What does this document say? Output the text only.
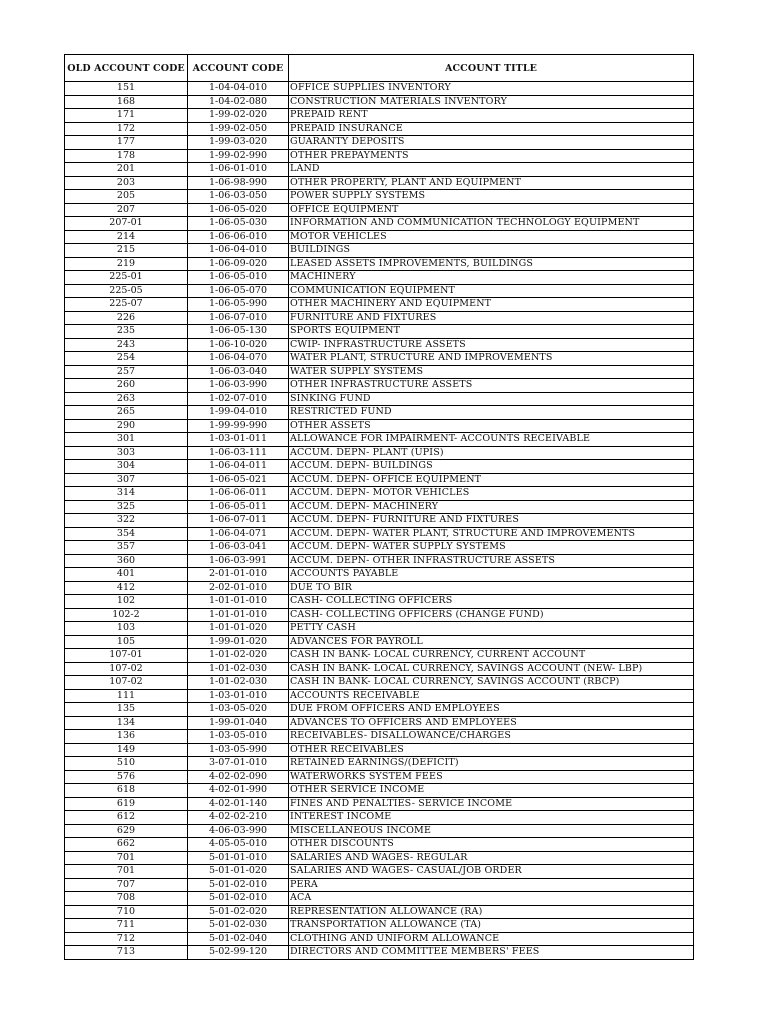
OLD ACCOUNT CODE	ACCOUNT CODE	ACCOUNT TITLE
151	1-04-04-010	OFFICE SUPPLIES INVENTORY
168	1-04-02-080	CONSTRUCTION MATERIALS INVENTORY
171	1-99-02-020	PREPAID RENT
172	1-99-02-050	PREPAID INSURANCE
177	1-99-03-020	GUARANTY DEPOSITS
178	1-99-02-990	OTHER PREPAYMENTS
201	1-06-01-010	LAND
203	1-06-98-990	OTHER PROPERTY, PLANT AND EQUIPMENT
205	1-06-03-050	POWER SUPPLY SYSTEMS
207	1-06-05-020	OFFICE EQUIPMENT
207-01	1-06-05-030	INFORMATION AND COMMUNICATION TECHNOLOGY EQUIPMENT
214	1-06-06-010	MOTOR VEHICLES
215	1-06-04-010	BUILDINGS
219	1-06-09-020	LEASED ASSETS IMPROVEMENTS, BUILDINGS
225-01	1-06-05-010	MACHINERY
225-05	1-06-05-070	COMMUNICATION EQUIPMENT
225-07	1-06-05-990	OTHER MACHINERY AND EQUIPMENT
226	1-06-07-010	FURNITURE AND FIXTURES
235	1-06-05-130	SPORTS EQUIPMENT
243	1-06-10-020	CWIP- INFRASTRUCTURE ASSETS
254	1-06-04-070	WATER PLANT, STRUCTURE AND IMPROVEMENTS
257	1-06-03-040	WATER SUPPLY SYSTEMS
260	1-06-03-990	OTHER INFRASTRUCTURE ASSETS
263	1-02-07-010	SINKING FUND
265	1-99-04-010	RESTRICTED FUND
290	1-99-99-990	OTHER ASSETS
301	1-03-01-011	ALLOWANCE FOR IMPAIRMENT- ACCOUNTS RECEIVABLE
303	1-06-03-111	ACCUM. DEPN- PLANT (UPIS)
304	1-06-04-011	ACCUM. DEPN- BUILDINGS
307	1-06-05-021	ACCUM. DEPN- OFFICE EQUIPMENT
314	1-06-06-011	ACCUM. DEPN- MOTOR VEHICLES
325	1-06-05-011	ACCUM. DEPN- MACHINERY
322	1-06-07-011	ACCUM. DEPN- FURNITURE AND FIXTURES
354	1-06-04-071	ACCUM. DEPN- WATER PLANT, STRUCTURE AND IMPROVEMENTS
357	1-06-03-041	ACCUM. DEPN- WATER SUPPLY SYSTEMS
360	1-06-03-991	ACCUM. DEPN- OTHER INFRASTRUCTURE ASSETS
401	2-01-01-010	ACCOUNTS PAYABLE
412	2-02-01-010	DUE TO BIR
102	1-01-01-010	CASH- COLLECTING OFFICERS
102-2	1-01-01-010	CASH- COLLECTING OFFICERS (CHANGE FUND)
103	1-01-01-020	PETTY CASH
105	1-99-01-020	ADVANCES FOR PAYROLL
107-01	1-01-02-020	CASH IN BANK- LOCAL CURRENCY, CURRENT ACCOUNT
107-02	1-01-02-030	CASH IN BANK- LOCAL CURRENCY, SAVINGS ACCOUNT (NEW- LBP)
107-02	1-01-02-030	CASH IN BANK- LOCAL CURRENCY, SAVINGS ACCOUNT (RBCP)
111	1-03-01-010	ACCOUNTS RECEIVABLE
135	1-03-05-020	DUE FROM OFFICERS AND EMPLOYEES
134	1-99-01-040	ADVANCES TO OFFICERS AND EMPLOYEES
136	1-03-05-010	RECEIVABLES- DISALLOWANCE/CHARGES
149	1-03-05-990	OTHER RECEIVABLES
510	3-07-01-010	RETAINED EARNINGS/(DEFICIT)
576	4-02-02-090	WATERWORKS SYSTEM FEES
618	4-02-01-990	OTHER SERVICE INCOME
619	4-02-01-140	FINES AND PENALTIES- SERVICE INCOME
612	4-02-02-210	INTEREST INCOME
629	4-06-03-990	MISCELLANEOUS INCOME
662	4-05-05-010	OTHER DISCOUNTS
701	5-01-01-010	SALARIES AND WAGES- REGULAR
701	5-01-01-020	SALARIES AND WAGES- CASUAL/JOB ORDER
707	5-01-02-010	PERA
708	5-01-02-010	ACA
710	5-01-02-020	REPRESENTATION ALLOWANCE (RA)
711	5-01-02-030	TRANSPORTATION ALLOWANCE (TA)
712	5-01-02-040	CLOTHING AND UNIFORM ALLOWANCE
713	5-02-99-120	DIRECTORS AND COMMITTEE MEMBERS' FEES
